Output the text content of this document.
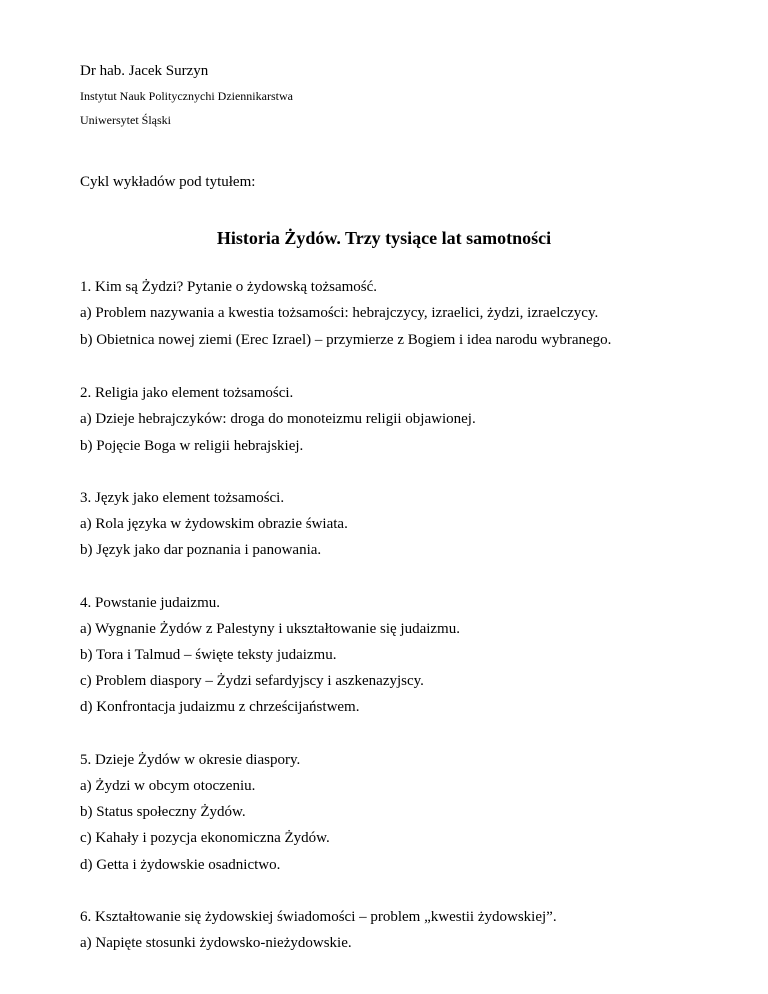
Dr hab. Jacek Surzyn
Instytut Nauk Politycznychi Dziennikarstwa
Uniwersytet Śląski
Cykl wykładów pod tytułem:
Historia Żydów. Trzy tysiące lat samotności
1. Kim są Żydzi? Pytanie o żydowską tożsamość.
a) Problem nazywania a kwestia tożsamości: hebrajczycy, izraelici, żydzi, izraelczycy.
b) Obietnica nowej ziemi (Erec Izrael) – przymierze z Bogiem i idea narodu wybranego.
2. Religia jako element tożsamości.
a) Dzieje hebrajczyków: droga do monoteizmu religii objawionej.
b) Pojęcie Boga w religii hebrajskiej.
3. Język jako element tożsamości.
a) Rola języka w żydowskim obrazie świata.
b) Język jako dar poznania i panowania.
4. Powstanie judaizmu.
a) Wygnanie Żydów z Palestyny i ukształtowanie się judaizmu.
b) Tora i Talmud – święte teksty judaizmu.
c) Problem diaspory – Żydzi sefardyjscy i aszkenazyjscy.
d) Konfrontacja judaizmu z chrześcijaństwem.
5. Dzieje Żydów w okresie diaspory.
a) Żydzi w obcym otoczeniu.
b) Status społeczny Żydów.
c) Kahały i pozycja ekonomiczna Żydów.
d) Getta i żydowskie osadnictwo.
6. Kształtowanie się żydowskiej świadomości – problem „kwestii żydowskiej”.
a) Napięte stosunki żydowsko-nieżydowskie.
